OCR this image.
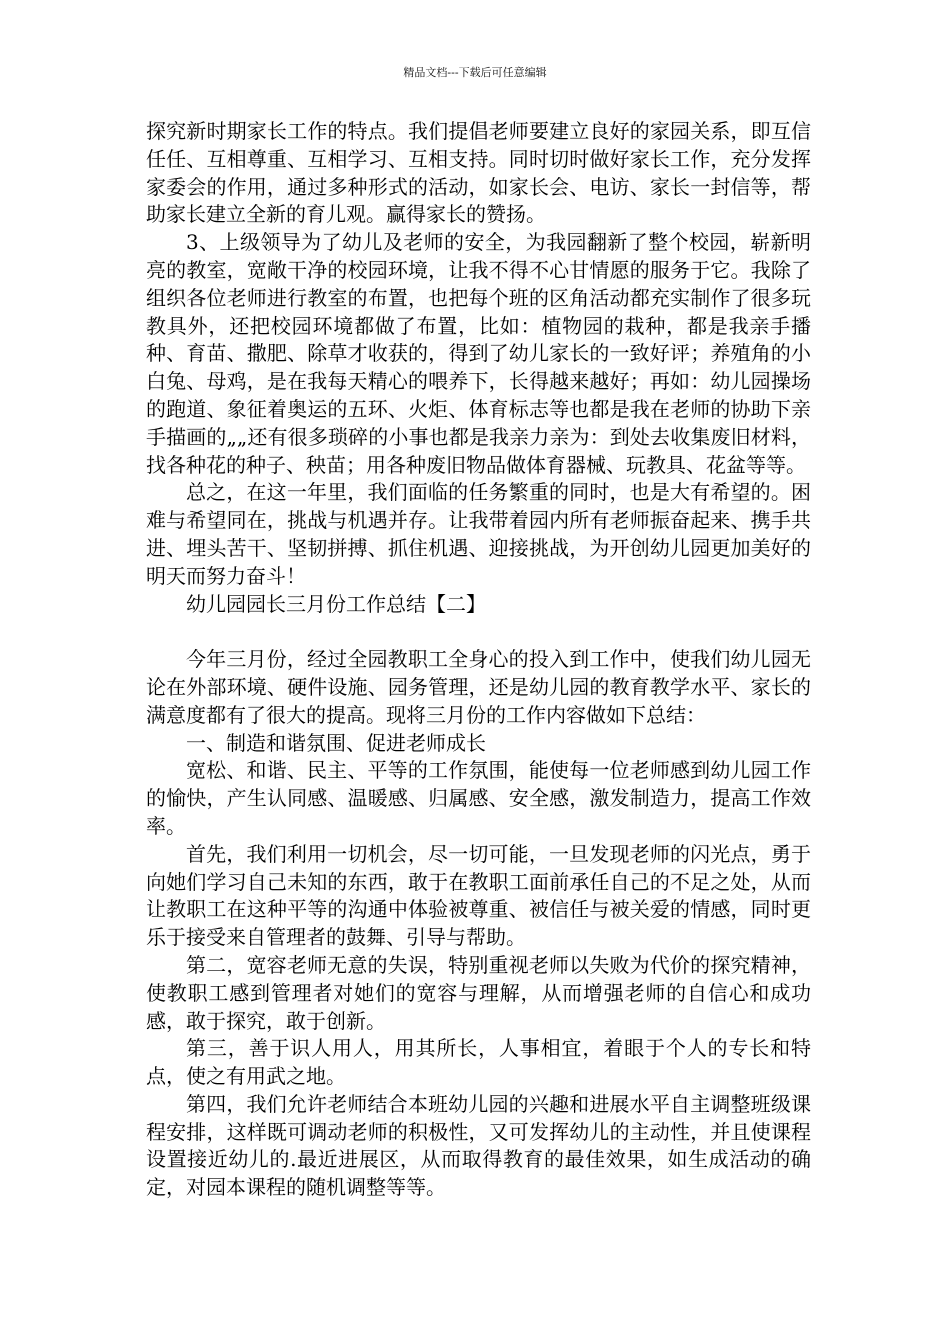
精品文档---下载后可任意编辑

探究新时期家长工作的特点。我们提倡老师要建立良好的家园关系，即互信任任、互相尊重、互相学习、互相支持。同时切时做好家长工作，充分发挥家委会的作用，通过多种形式的活动，如家长会、电访、家长一封信等，帮助家长建立全新的育儿观。赢得家长的赞扬。

3、上级领导为了幼儿及老师的安全，为我园翻新了整个校园，崭新明亮的教室，宽敞干净的校园环境，让我不得不心甘情愿的服务于它。我除了组织各位老师进行教室的布置，也把每个班的区角活动都充实制作了很多玩教具外，还把校园环境都做了布置，比如：植物园的栽种，都是我亲手播种、育苗、撒肥、除草才收获的，得到了幼儿家长的一致好评；养殖角的小白兔、母鸡，是在我每天精心的喂养下，长得越来越好；再如：幼儿园操场的跑道、象征着奥运的五环、火炬、体育标志等也都是我在老师的协助下亲手描画的„„还有很多琐碎的小事也都是我亲力亲为：到处去收集废旧材料，找各种花的种子、秧苗；用各种废旧物品做体育器械、玩教具、花盆等等。

总之，在这一年里，我们面临的任务繁重的同时，也是大有希望的。困难与希望同在，挑战与机遇并存。让我带着园内所有老师振奋起来、携手共进、埋头苦干、坚韧拼搏、抓住机遇、迎接挑战，为开创幼儿园更加美好的明天而努力奋斗！

幼儿园园长三月份工作总结【二】

今年三月份，经过全园教职工全身心的投入到工作中，使我们幼儿园无论在外部环境、硬件设施、园务管理，还是幼儿园的教育教学水平、家长的满意度都有了很大的提高。现将三月份的工作内容做如下总结：

一、制造和谐氛围、促进老师成长

宽松、和谐、民主、平等的工作氛围，能使每一位老师感到幼儿园工作的愉快，产生认同感、温暖感、归属感、安全感，激发制造力，提高工作效率。

首先，我们利用一切机会，尽一切可能，一旦发现老师的闪光点，勇于向她们学习自己未知的东西，敢于在教职工面前承任自己的不足之处，从而让教职工在这种平等的沟通中体验被尊重、被信任与被关爱的情感，同时更乐于接受来自管理者的鼓舞、引导与帮助。

第二，宽容老师无意的失误，特别重视老师以失败为代价的探究精神，使教职工感到管理者对她们的宽容与理解，从而增强老师的自信心和成功感，敢于探究，敢于创新。

第三，善于识人用人，用其所长，人事相宜，着眼于个人的专长和特点，使之有用武之地。

第四，我们允许老师结合本班幼儿园的兴趣和进展水平自主调整班级课程安排，这样既可调动老师的积极性，又可发挥幼儿的主动性，并且使课程设置接近幼儿的.最近进展区，从而取得教育的最佳效果，如生成活动的确定，对园本课程的随机调整等等。
